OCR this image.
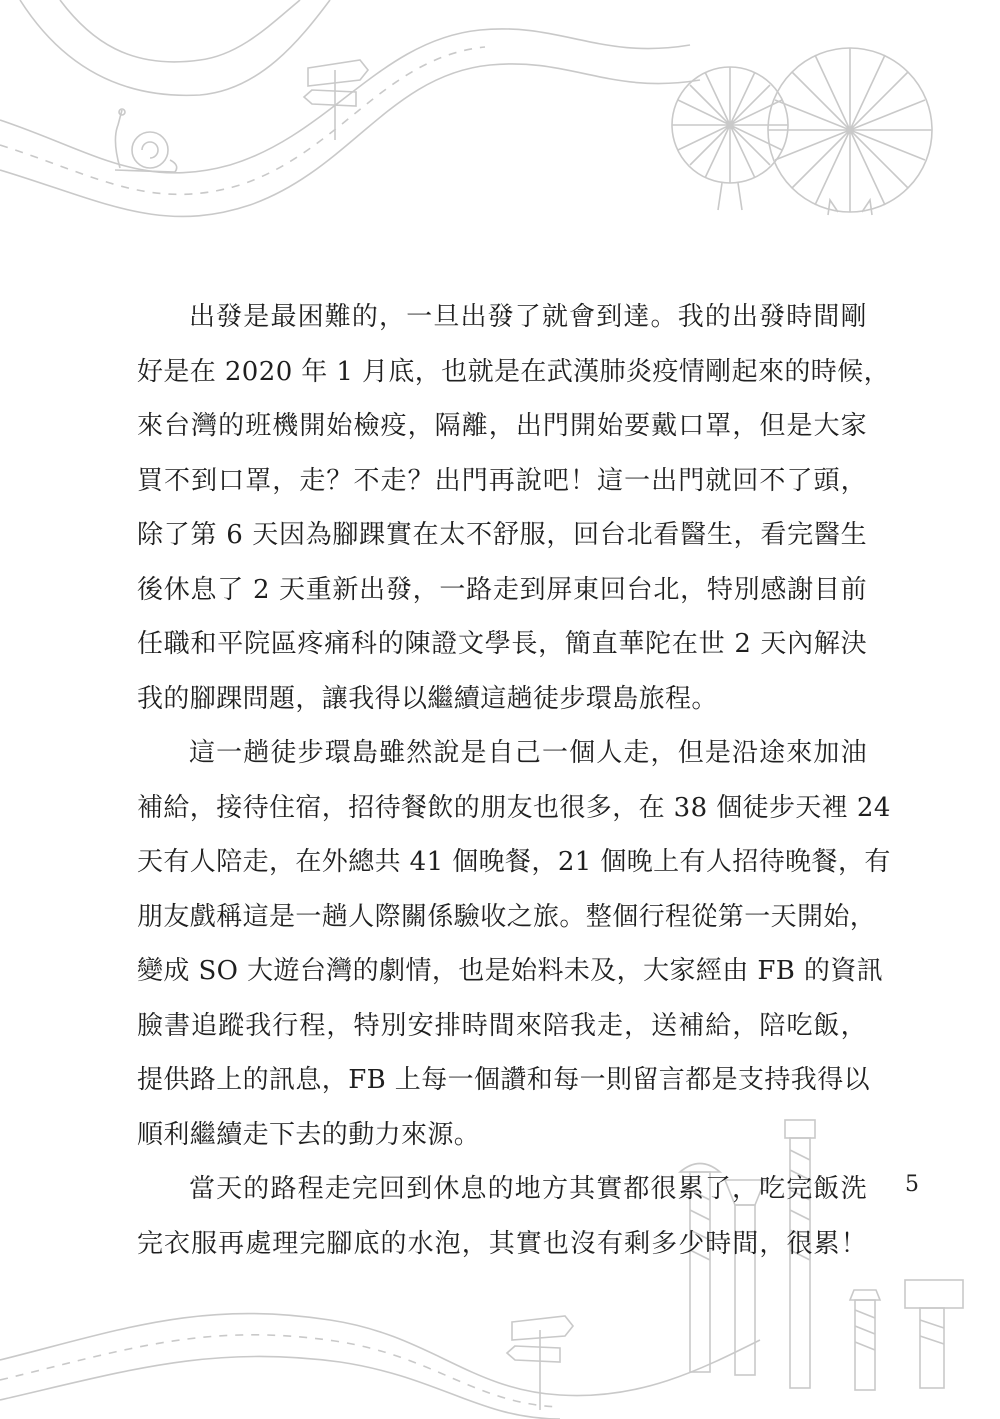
出發是最困難的，一旦出發了就會到達。我的出發時間剛
好是在 2020 年 1 月底，也就是在武漢肺炎疫情剛起來的時候，
來台灣的班機開始檢疫，隔離，出門開始要戴口罩，但是大家
買不到口罩，走？不走？出門再說吧！這一出門就回不了頭，
除了第 6 天因為腳踝實在太不舒服，回台北看醫生，看完醫生
後休息了 2 天重新出發，一路走到屏東回台北，特別感謝目前
任職和平院區疼痛科的陳證文學長，簡直華陀在世 2 天內解決
我的腳踝問題，讓我得以繼續這趟徒步環島旅程。
這一趟徒步環島雖然說是自己一個人走，但是沿途來加油
補給，接待住宿，招待餐飲的朋友也很多，在 38 個徒步天裡 24
天有人陪走，在外總共 41 個晚餐，21 個晚上有人招待晚餐，有
朋友戲稱這是一趟人際關係驗收之旅。整個行程從第一天開始，
變成 SO 大遊台灣的劇情，也是始料未及，大家經由 FB 的資訊
臉書追蹤我行程，特別安排時間來陪我走，送補給，陪吃飯，
提供路上的訊息，FB 上每一個讚和每一則留言都是支持我得以
順利繼續走下去的動力來源。
當天的路程走完回到休息的地方其實都很累了，吃完飯洗
完衣服再處理完腳底的水泡，其實也沒有剩多少時間，很累！
5
